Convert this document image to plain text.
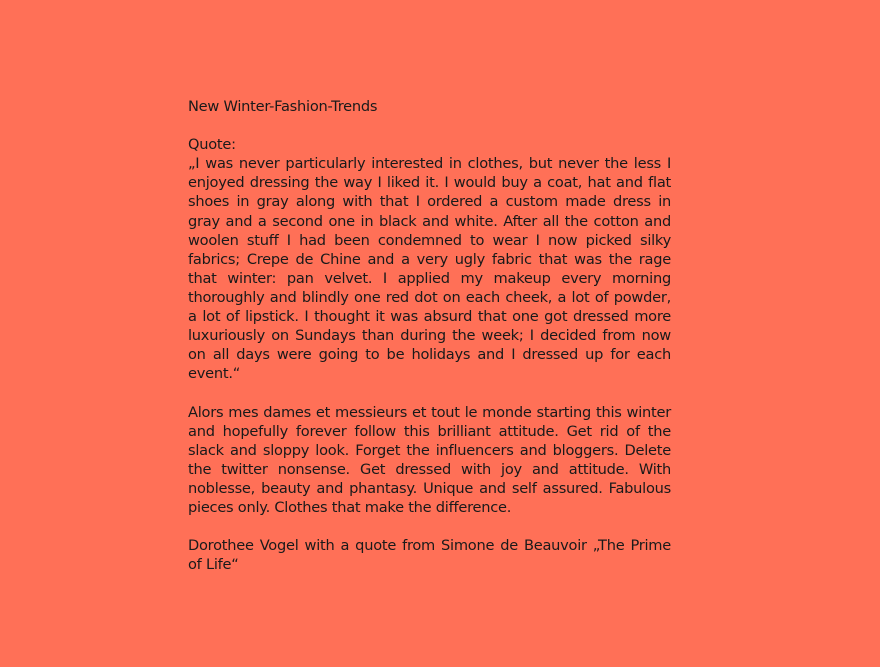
New Winter-Fashion-Trends

Quote:
„I was never particularly interested in clothes, but never the less I enjoyed dressing the way I liked it. I would buy a coat, hat and flat shoes in gray along with that I ordered a custom made dress in gray and a second one in black and white. After all the cotton and woolen stuff I had been condemned to wear I now picked silky fabrics; Crepe de Chine and a very ugly fabric that was the rage that winter: pan velvet. I applied my makeup every morning thoroughly and blindly one red dot on each cheek, a lot of powder, a lot of lipstick. I thought it was absurd that one got dressed more luxuriously on Sundays than during the week; I decided from now on all days were going to be holidays and I dressed up for each event.“

Alors mes dames et messieurs et tout le monde starting this winter and hopefully forever follow this brilliant attitude. Get rid of the slack and sloppy look. Forget the influencers and bloggers. Delete the twitter nonsense. Get dressed with joy and attitude. With noblesse, beauty and phantasy. Unique and self assured. Fabulous pieces only. Clothes that make the difference.

Dorothee Vogel with a quote from Simone de Beauvoir „The Prime of Life“
